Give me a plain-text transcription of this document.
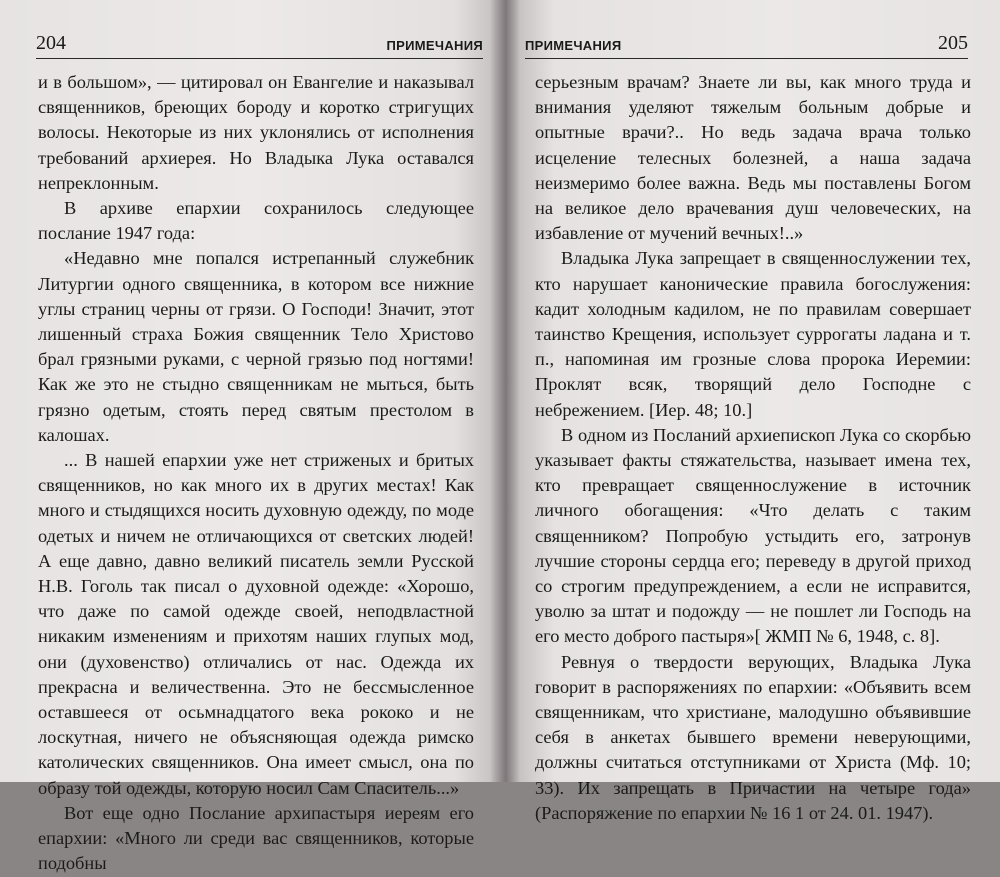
204	ПРИМЕЧАНИЯ

и в большом», — цитировал он Евангелие и наказывал священников, бреющих бороду и коротко стригущих волосы. Некоторые из них уклонялись от исполнения требований архиерея. Но Владыка Лука оставался непреклонным.

В архиве епархии сохранилось следующее послание 1947 года:

«Недавно мне попался истрепанный служебник Литургии одного священника, в котором все нижние углы страниц черны от грязи. О Господи! Значит, этот лишенный страха Божия священник Тело Христово брал грязными руками, с черной грязью под ногтями! Как же это не стыдно священникам не мыться, быть грязно одетым, стоять перед святым престолом в калошах.

... В нашей епархии уже нет стриженых и бритых священников, но как много их в других местах! Как много и стыдящихся носить духовную одежду, по моде одетых и ничем не отличающихся от светских людей! А еще давно, давно великий писатель земли Русской Н.В. Гоголь так писал о духовной одежде: «Хорошо, что даже по самой одежде своей, неподвластной никаким изменениям и прихотям наших глупых мод, они (духовенство) отличались от нас. Одежда их прекрасна и величественна. Это не бессмысленное оставшееся от осьмнадцатого века рококо и не лоскутная, ничего не объясняющая одежда римско католических священников. Она имеет смысл, она по образу той одежды, которую носил Сам Спаситель...»

Вот еще одно Послание архипастыря иереям его епархии: «Много ли среди вас священников, которые подобны

ПРИМЕЧАНИЯ	205

серьезным врачам? Знаете ли вы, как много труда и внимания уделяют тяжелым больным добрые и опытные врачи?.. Но ведь задача врача только исцеление телесных болезней, а наша задача неизмеримо более важна. Ведь мы поставлены Богом на великое дело врачевания душ человеческих, на избавление от мучений вечных!..»

Владыка Лука запрещает в священнослужении тех, кто нарушает канонические правила богослужения: кадит холодным кадилом, не по правилам совершает таинство Крещения, использует суррогаты ладана и т. п., напоминая им грозные слова пророка Иеремии: Проклят всяк, творящий дело Господне с небрежением. [Иер. 48; 10.]

В одном из Посланий архиепископ Лука со скорбью указывает факты стяжательства, называет имена тех, кто превращает священнослужение в источник личного обогащения: «Что делать с таким священником? Попробую устыдить его, затронув лучшие стороны сердца его; переведу в другой приход со строгим предупреждением, а если не исправится, уволю за штат и подожду — не пошлет ли Господь на его место доброго пастыря»[ ЖМП № 6, 1948, с. 8].

Ревнуя о твердости верующих, Владыка Лука говорит в распоряжениях по епархии: «Объявить всем священникам, что христиане, малодушно объявившие себя в анкетах бывшего времени неверующими, должны считаться отступниками от Христа (Мф. 10; 33). Их запрещать в Причастии на четыре года» (Распоряжение по епархии № 16 1 от 24. 01. 1947).
